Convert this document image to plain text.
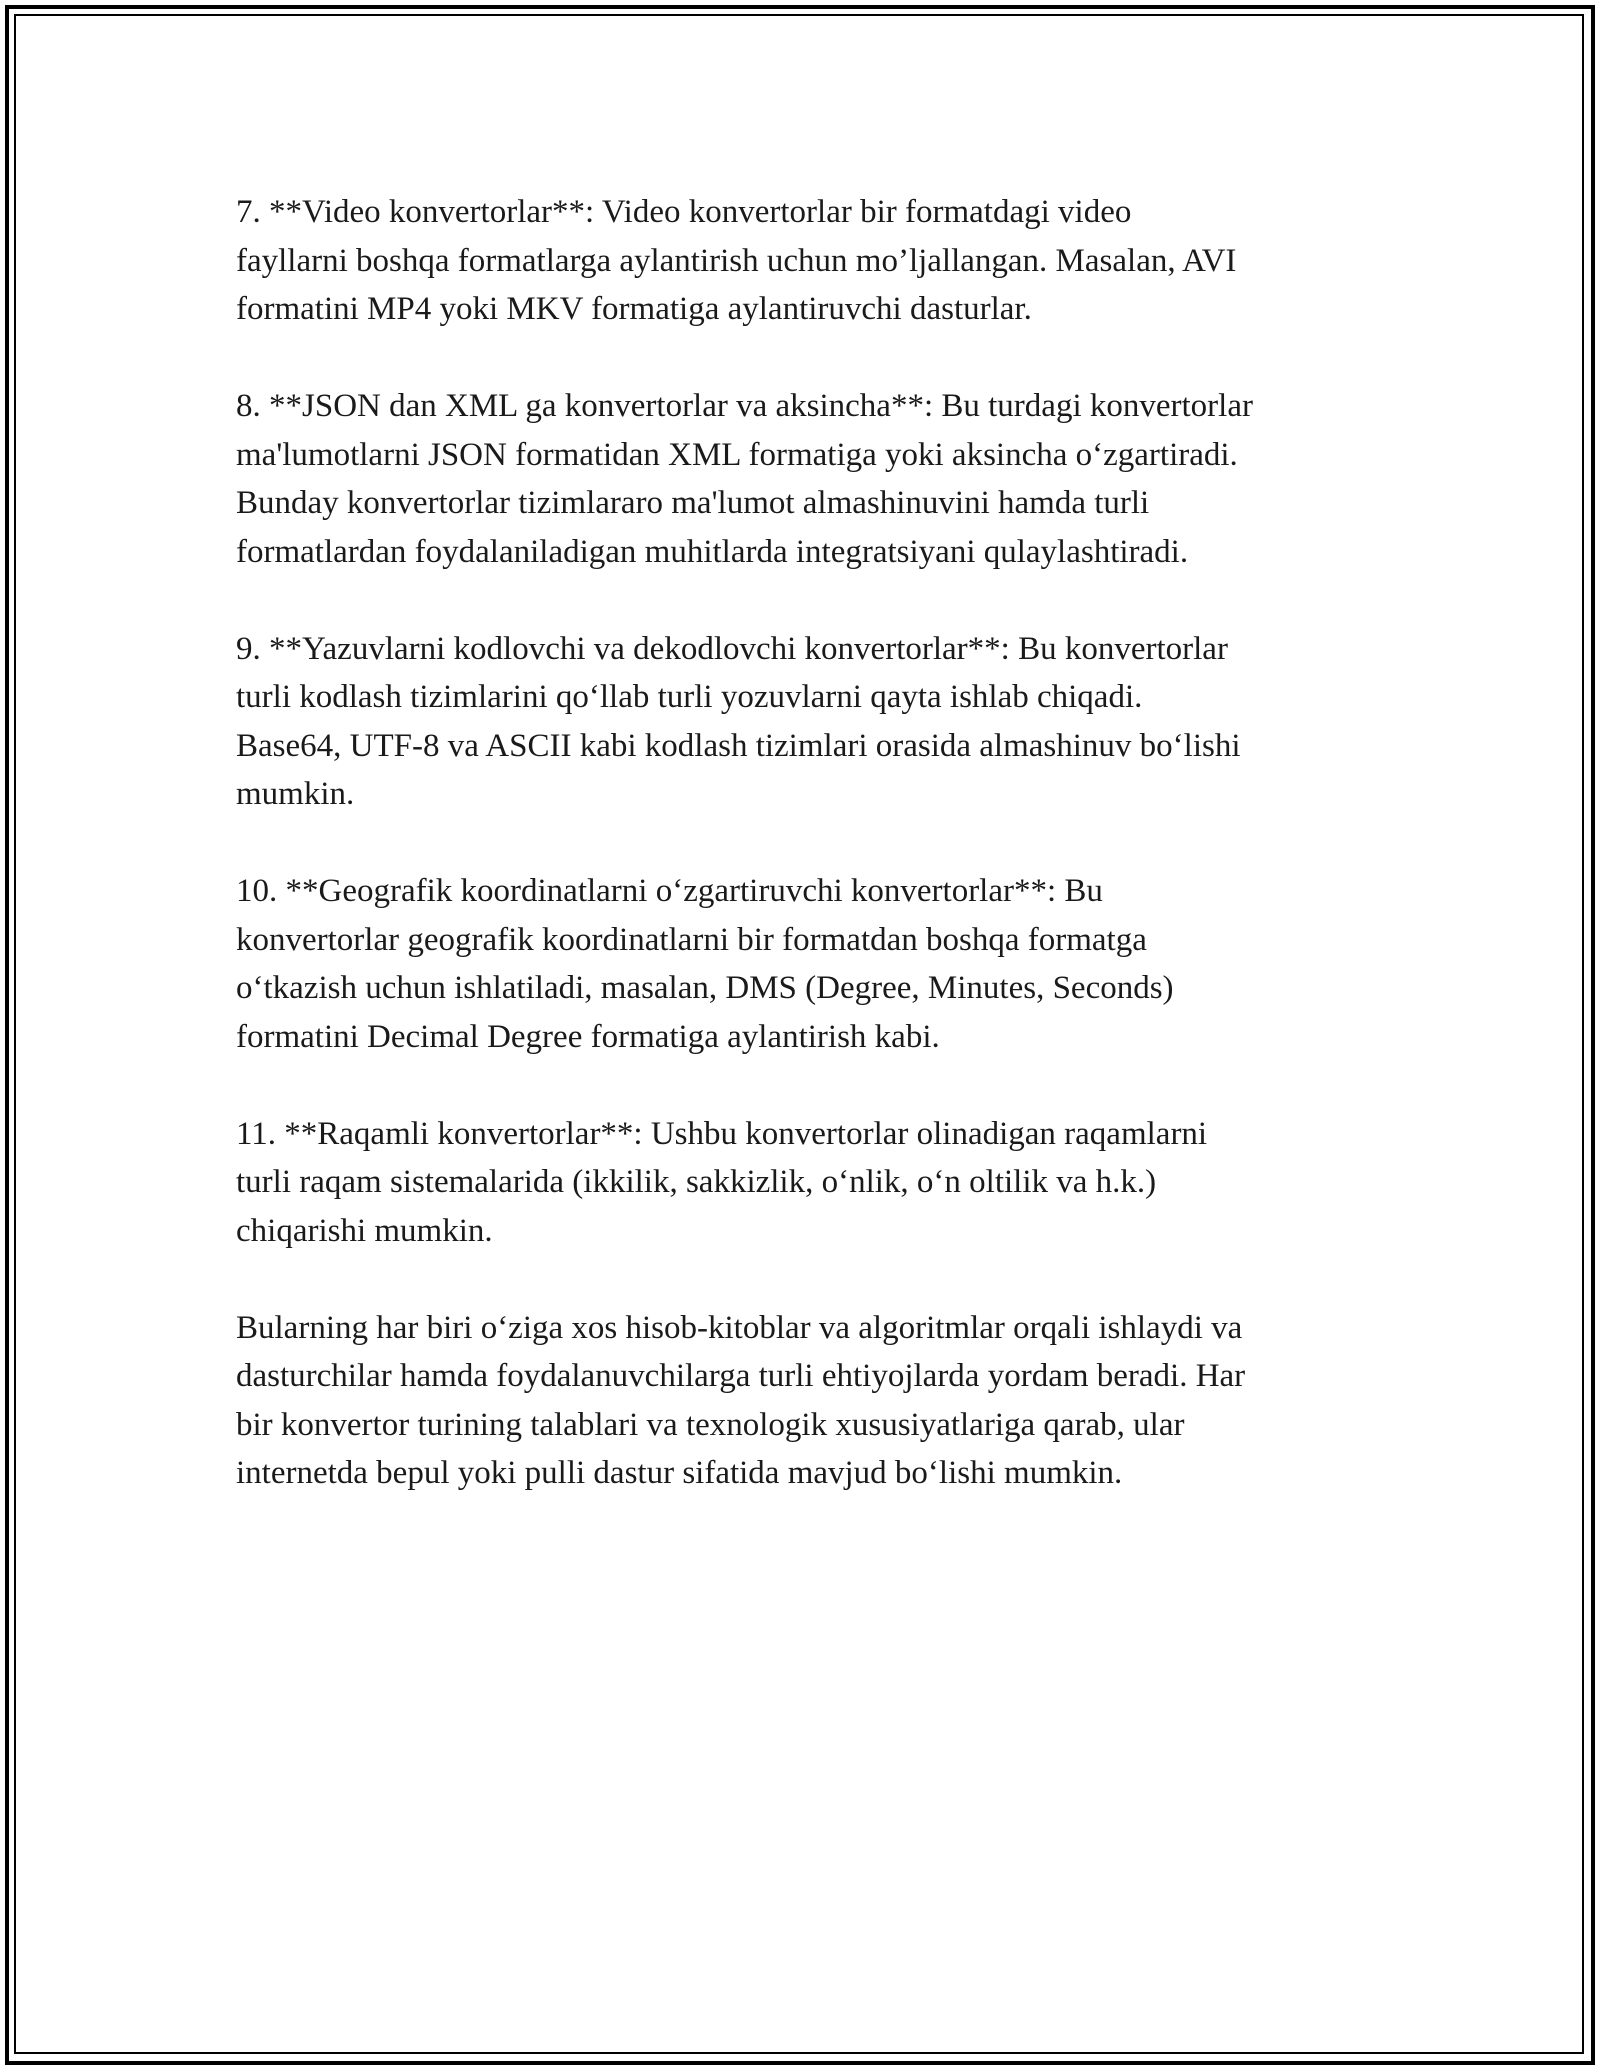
7. **Video konvertorlar**: Video konvertorlar bir formatdagi video
fayllarni boshqa formatlarga aylantirish uchun mo’ljallangan. Masalan, AVI
formatini MP4 yoki MKV formatiga aylantiruvchi dasturlar.

8. **JSON dan XML ga konvertorlar va aksincha**: Bu turdagi konvertorlar
ma'lumotlarni JSON formatidan XML formatiga yoki aksincha o‘zgartiradi.
Bunday konvertorlar tizimlararo ma'lumot almashinuvini hamda turli
formatlardan foydalaniladigan muhitlarda integratsiyani qulaylashtiradi.

9. **Yazuvlarni kodlovchi va dekodlovchi konvertorlar**: Bu konvertorlar
turli kodlash tizimlarini qo‘llab turli yozuvlarni qayta ishlab chiqadi.
Base64, UTF-8 va ASCII kabi kodlash tizimlari orasida almashinuv bo‘lishi
mumkin.

10. **Geografik koordinatlarni o‘zgartiruvchi konvertorlar**: Bu
konvertorlar geografik koordinatlarni bir formatdan boshqa formatga
o‘tkazish uchun ishlatiladi, masalan, DMS (Degree, Minutes, Seconds)
formatini Decimal Degree formatiga aylantirish kabi.

11. **Raqamli konvertorlar**: Ushbu konvertorlar olinadigan raqamlarni
turli raqam sistemalarida (ikkilik, sakkizlik, o‘nlik, o‘n oltilik va h.k.)
chiqarishi mumkin.

Bularning har biri o‘ziga xos hisob-kitoblar va algoritmlar orqali ishlaydi va
dasturchilar hamda foydalanuvchilarga turli ehtiyojlarda yordam beradi. Har
bir konvertor turining talablari va texnologik xususiyatlariga qarab, ular
internetda bepul yoki pulli dastur sifatida mavjud bo‘lishi mumkin.
